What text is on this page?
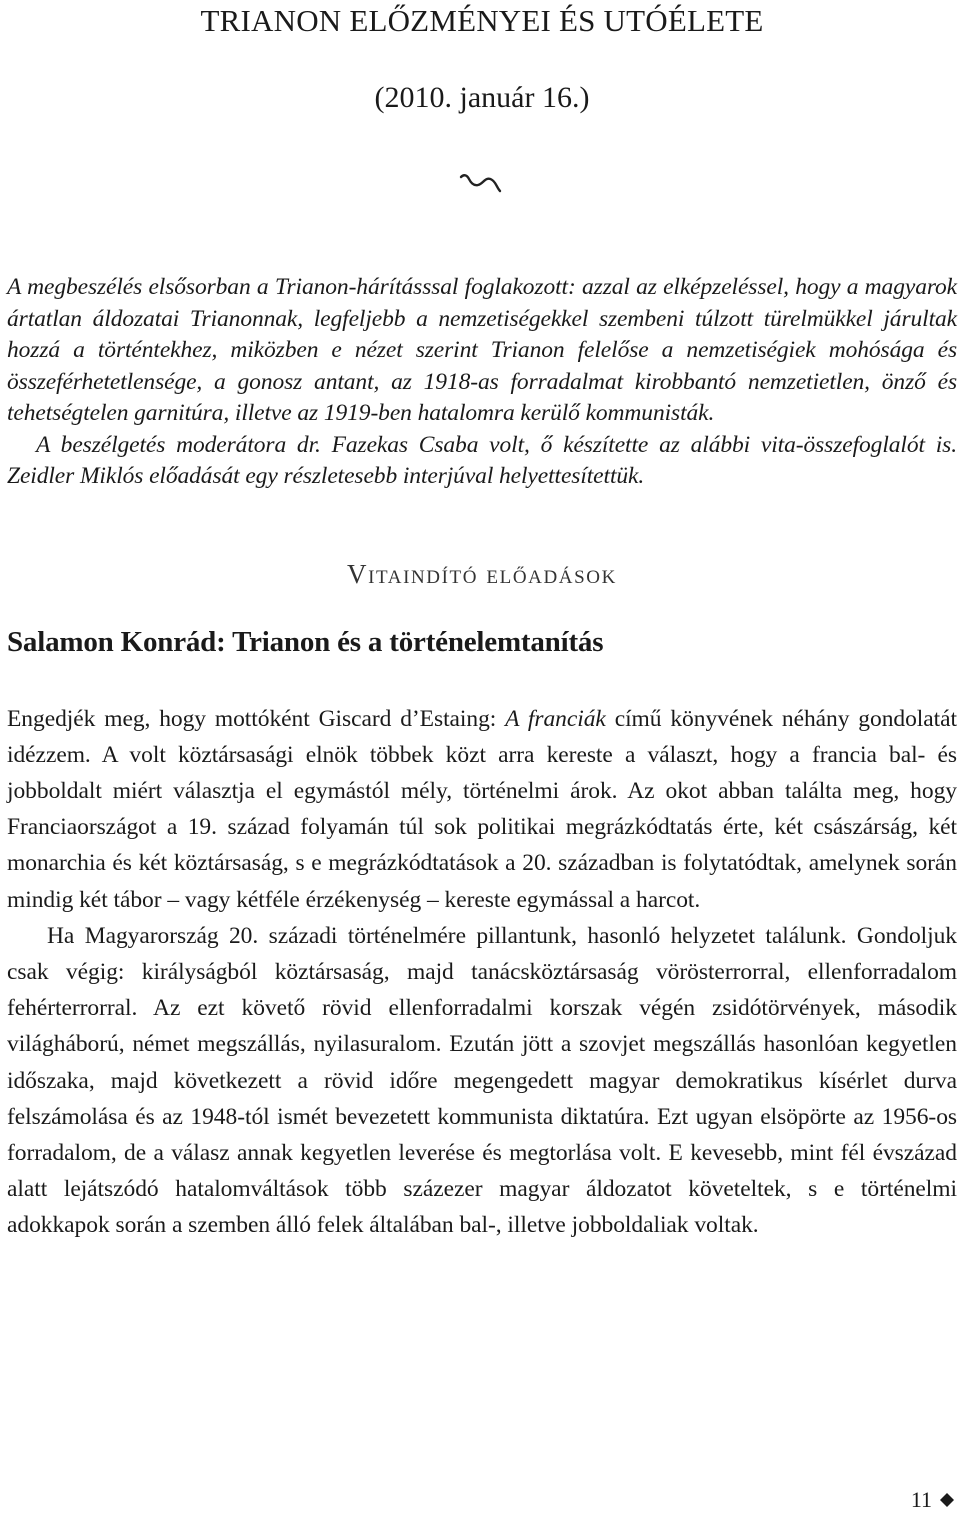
TRIANON ELŐZMÉNYEI ÉS UTÓÉLETE
(2010. január 16.)

A megbeszélés elsősorban a Trianon-hárításssal foglakozott: azzal az elképzeléssel, hogy a magyarok ártatlan áldozatai Trianonnak, legfeljebb a nemzetiségekkel szembeni túlzott türelmükkel járultak hozzá a történtekhez, miközben e nézet szerint Trianon felelőse a nemzetiségiek mohósága és összeférhetetlensége, a gonosz antant, az 1918-as forradalmat kirobbantó nemzetietlen, önző és tehetségtelen garnitúra, illetve az 1919-ben hatalomra kerülő kommunisták.

A beszélgetés moderátora dr. Fazekas Csaba volt, ő készítette az alábbi vita-összefoglalót is. Zeidler Miklós előadását egy részletesebb interjúval helyettesítettük.

Vitaindító előadások
Salamon Konrád: Trianon és a történelemtanítás

Engedjék meg, hogy mottóként Giscard d’Estaing: A franciák című könyvének néhány gondolatát idézzem. A volt köztársasági elnök többek közt arra kereste a választ, hogy a francia bal- és jobboldalt miért választja el egymástól mély, történelmi árok. Az okot abban találta meg, hogy Franciaországot a 19. század folyamán túl sok politikai megrázkódtatás érte, két császárság, két monarchia és két köztársaság, s e megrázkódtatások a 20. században is folytatódtak, amelynek során mindig két tábor – vagy kétféle érzékenység – kereste egymással a harcot.

Ha Magyarország 20. századi történelmére pillantunk, hasonló helyzetet találunk. Gondoljuk csak végig: királyságból köztársaság, majd tanácsköztársaság vörösterrorral, ellenforradalom fehérterrorral. Az ezt követő rövid ellenforradalmi korszak végén zsidótörvények, második világháború, német megszállás, nyilasuralom. Ezután jött a szovjet megszállás hasonlóan kegyetlen időszaka, majd következett a rövid időre megengedett magyar demokratikus kísérlet durva felszámolása és az 1948-tól ismét bevezetett kommunista diktatúra. Ezt ugyan elsöpörte az 1956-os forradalom, de a válasz annak kegyetlen leverése és megtorlása volt. E kevesebb, mint fél évszázad alatt lejátszódó hatalomváltások több százezer magyar áldozatot követeltek, s e történelmi adokkapok során a szemben álló felek általában bal-, illetve jobboldaliak voltak.

11
